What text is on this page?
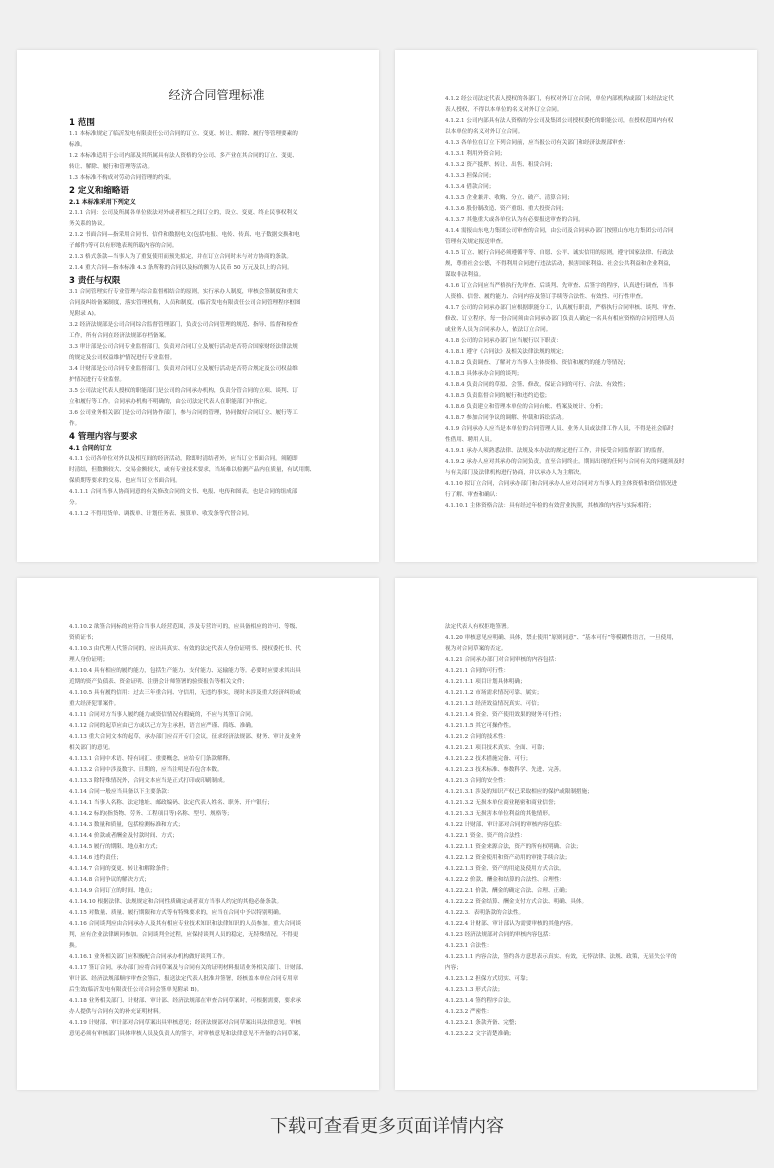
经济合同管理标准
1 范围
1.1 本标准规定了临沂发电有限责任公司合同的订立、变更、转让、解除、履行等管理要素的
标准。
1.2 本标准适用于公司内部及其所属具有法人资格的分公司、多产业在其合同的订立、变更、
转让、解除、履行和管理等活动。
1.3 本标准不构成对劳动合同管理的约束。
2 定义和缩略语
2.1 本标准采用下列定义
2.1.1 合同：公司及所属各单位依法对外或者相互之间订立的，设立、变更、终止民事权利义
务关系的协议。
2.1.2 书面合同—指采用合同书、信件和数据电文(包括电报、电传、传真、电子数据交换和电
子邮件)等可以有形地表现所载内容的合同。
2.1.3 格式条款—当事人为了重复使用而预先拟定，并在订立合同时未与对方协商的条款。
2.1.4 重大合同—指本标准 4.3 条所称的合同以及标的额为人民币 50 万元及以上的合同。
3 责任与权限
3.1 合同管理实行专业管理与综合监督相结合的原则，实行承办人制度，审核会签制度和重大
合同及纠纷备案制度，落实管理机构，人员和制度。(临沂发电有限责任公司合同管理程序框图
见附录 A)。
3.2 经济法规部是公司合同综合监督管理部门，负责公司合同管理的规范、指导、监督和检查
工作，所有合同在经济法规部存档备案。
3.3 审计部是公司合同专业监督部门，负责对合同订立及履行活动是否符合国家财经法律法规
的规定及公司权益维护情况进行专业监督。
3.4 计财部是公司合同专业监督部门，负责对合同订立及履行活动是否符合规定及公司权益维
护情况进行专业监督。
3.5 公司法定代表人授权的职能部门是公司的合同承办机构，负责分管合同的立项、谈判、订
立和履行等工作。合同承办机构不明确的，由公司法定代表人在职能部门中指定。
3.6 公司业务相关部门是公司合同协作部门，参与合同的管理，协同做好合同订立、履行等工
作。
4 管理内容与要求
4.1 合同的订立
4.1.1 公司各单位对外以及相互间的经济活动，除即时清结者外，应当订立书面合同。须随即
时清结，但数额较大、交易金额较大，或有专业技术要求，当场难以检测产品内在质量，有试用期、
保质期等要求的交易，也应当订立书面合同。
4.1.1.1 合同当事人协商同意的有关修改合同的文书、电报、电传和图表，也是合同的组成部
分。
4.1.1.2 不得用货单、调拨单、计划任务表、预算单、收发条等代替合同。
4.1.2 经公司法定代表人授权的各部门，有权对外订立合同，单位内部机构或部门未经法定代
表人授权，不得以本单位的名义对外订立合同。
4.1.2.1 公司内部具有法人资格的分公司及集团公司授权委托的职能公司，在授权范围内有权
以本单位的名义对外订立合同。
4.1.3 各单位在订立下列合同前，应当报公司有关部门和经济法规部审查：
4.1.3.1 利用外资合同；
4.1.3.2 资产抵押、转让、出售、租赁合同；
4.1.3.3 担保合同；
4.1.3.4 借款合同；
4.1.3.5 企业兼并、收购、分立、破产、清算合同；
4.1.3.6 股份制改造、资产重组、重大投资合同；
4.1.3.7 其他重大或各单位认为有必要报送审查的合同。
4.1.4 需报山东电力集团公司审查的合同，由公司及合同承办部门按照山东电力集团公司合同
管理有关规定报送审查。
4.1.5 订立、履行合同必须遵循平等、自愿、公平、诚实信用的原则，遵守国家法律、行政法
规，尊重社会公德，不得利用合同进行违法活动，损害国家利益、社会公共利益和企业利益，
谋取非法利益。
4.1.6 订立合同应当严格执行先审查、后谈判、先审查、后签字的程序，认真进行调查，当事
人资格、信誉、履约能力、合同内容及签订手续等合法性、有效性、可行性审查。
4.1.7 公司的合同承办部门应根据职能分工，认真履行职责，严格执行合同审核、谈判、审查、
修改、订立程序。每一份合同须由合同承办部门负责人确定一名具有相应资格的合同管理人员
或业务人员为合同承办人，依法订立合同。
4.1.8 公司的合同承办部门应当履行以下职责：
4.1.8.1 遵守《合同法》及相关法律法规的规定；
4.1.8.2 负责调查、了解对方当事人主体资格、资信和履约的能力等情况；
4.1.8.3 具体承办合同的谈判；
4.1.8.4 负责合同的草拟、会签、修改，保证合同的可行、合法、有效性；
4.1.8.5 负责监督合同的履行和违约追偿；
4.1.8.6 负责建立和管理本单位的合同台帐、档案及统计、分析；
4.1.8.7 参加合同争议的调解、仲裁和诉讼活动。
4.1.9 合同承办人应当是本单位的合同管理人员、业务人员或法律工作人员，不得是社会临时
性借用、聘用人员。
4.1.9.1 承办人须熟悉法律、法规及本办法的规定进行工作，并接受合同监督部门的监督。
4.1.9.2 承办人应对其承办的合同负责，直至合同终止。期间出现的任何与合同有关的问题须及时
与有关部门及法律机构进行协商，并以承办人为主解决。
4.1.10 拟订立合同，合同承办部门和合同承办人应对合同对方当事人的主体资格和资信情况进
行了解、审查和确认：
4.1.10.1 主体资格合法：具有经过年检的有效营业执照，其核准的内容与实际相符；
4.1.10.2 欲签合同标的应符合当事人经营范围，涉及专营许可的，应具备相应的许可、等级、
资质证书；
4.1.10.3 由代理人代签合同的，应出具真实、有效的法定代表人身份证明书、授权委托书、代
理人身份证明；
4.1.10.4 具有相应的履约能力，包括生产能力、支付能力、运输能力等。必要时应要求其出具
近期的资产负债表、资金证明、注册会计师签署的验资报告等相关文件；
4.1.10.5 具有履约信用：过去三年重合同、守信用，无违约事实，现时未涉及重大经济纠纷或
重大经济犯罪案件。
4.1.11 合同对方当事人履约能力或资信情况有瑕疵的，不应与其签订合同。
4.1.12 合同的起草应由已方或以己方为主承担，语言应严谨、简练、准确。
4.1.13 重大合同文本的起草，承办部门应召开专门会议，征求经济法规部、财务、审计及业务
相关部门的意见。
4.1.13.1 合同中术语、特有词汇、重要概念，应给专门条款解释。
4.1.13.2 合同中涉及数字、日期的，应当注明是否包含本数。
4.1.13.3 除特殊情况外，合同文本应当是正式打印或印刷制成。
4.1.14 合同一般应当具备以下主要条款：
4.1.14.1 当事人名称、法定地址、邮政编码、法定代表人姓名、职务、开户银行；
4.1.14.2 标的(指货物、劳务、工程项目等)名称、型号、规格等；
4.1.14.3 数量和质量，包括检测标准和方式；
4.1.14.4 价款或者酬金及付款时间、方式；
4.1.14.5 履行的期限、地点和方式；
4.1.14.6 违约责任；
4.1.14.7 合同的变更、转让和解除条件；
4.1.14.8 合同争议的解决方式；
4.1.14.9 合同订立的时间、地点；
4.1.14.10 根据法律、法规规定和合同性质确定或者双方当事人约定的其他必备条款。
4.1.15 对数量、质量、履行期限和方式等有特殊要求的，应当在合同中予以特别明确。
4.1.16 合同谈判应由合同承办人及其有相应专业技术知识和法律知识的人员参加。重大合同谈
判，应有企业法律顾问参加。合同谈判全过程，应保持谈判人员的稳定，无特殊情况，不得更
换。
4.1.16.1 业务相关部门应积极配合合同承办机构做好谈判工作。
4.1.17 签订合同，承办部门应将合同草案及与合同有关的证明材料报请业务相关部门、计财部、
审计部、经济法规部顺序审查会签后，报送法定代表人批准并签署，经核盖本单位合同专用章
后生效(临沂发电有限责任公司合同会签单见附录 B)。
4.1.18 业务相关部门、计财部、审计部、经济法规部在审查合同草案时，可根据需要，要求承
办人提供与合同有关的补充证明材料。
4.1.19 计财部、审计部对合同草案出具审核意见；经济法规部对合同草案出具法律意见。审核
意见必须有审核部门具体审核人员及负责人的签字，对审核意见和法律意见不齐备的合同草案，
法定代表人有权拒绝签署。
4.1.20 审核意见应明确、具体，禁止使用“原则同意”、“基本可行”等模糊性语言，一旦使用，
视为对合同草案的否定。
4.1.21 合同承办部门对合同审核的内容包括：
4.1.21.1 合同的可行性：
4.1.21.1.1 项目计划具体明确；
4.1.21.1.2 市场需求情况可靠、属实；
4.1.21.1.3 经济效益情况真实、可信；
4.1.21.1.4 资金、资产使用效果的财务可行性；
4.1.21.1.5 其它可操作性。
4.1.21.2 合同的技术性：
4.1.21.2.1 项目技术真实、全面、可靠；
4.1.21.2.2 技术措施完备、可行；
4.1.21.2.3 技术标准、参数科学、先进、完善。
4.1.21.3 合同的安全性：
4.1.21.3.1 涉及的知识产权已采取相应的保护或限制措施；
4.1.21.3.2 无损本单位商业秘密和商业信誉；
4.1.21.3.3 无损害本单位利益的其他情形。
4.1.22 计财部、审计部对合同的审核内容包括：
4.1.22.1 资金、资产的合法性：
4.1.22.1.1 资金来源合法，资产的所有权明确、合法；
4.1.22.1.2 资金使用和资产动用的审批手续合法；
4.1.22.1.3 资金、资产的用途及使用方式合法。
4.1.22.2 价款、酬金和结算的合法性、合理性：
4.1.22.2.1 价款、酬金的确定合法、合理、正确；
4.1.22.2.2 资金结算、酬金支付方式合法、明确、具体。
4.1.22.3．表明条款的合法性。
4.1.22.4 计财部、审计部认为需要审核的其他内容。
4.1.23 经济法规部对合同的审核内容包括：
4.1.23.1 合法性：
4.1.23.1.1 内容合法，签约各方意思表示真实、有效，无悖法律、法规、政策，无显失公平的
内容；
4.1.23.1.2 担保方式切实、可靠；
4.1.23.1.3 形式合法；
4.1.23.1.4 签约程序合法。
4.1.23.2 严密性：
4.1.23.2.1 条款齐备、完整；
4.1.23.2.2 文字清楚准确；
下载可查看更多页面详情内容
